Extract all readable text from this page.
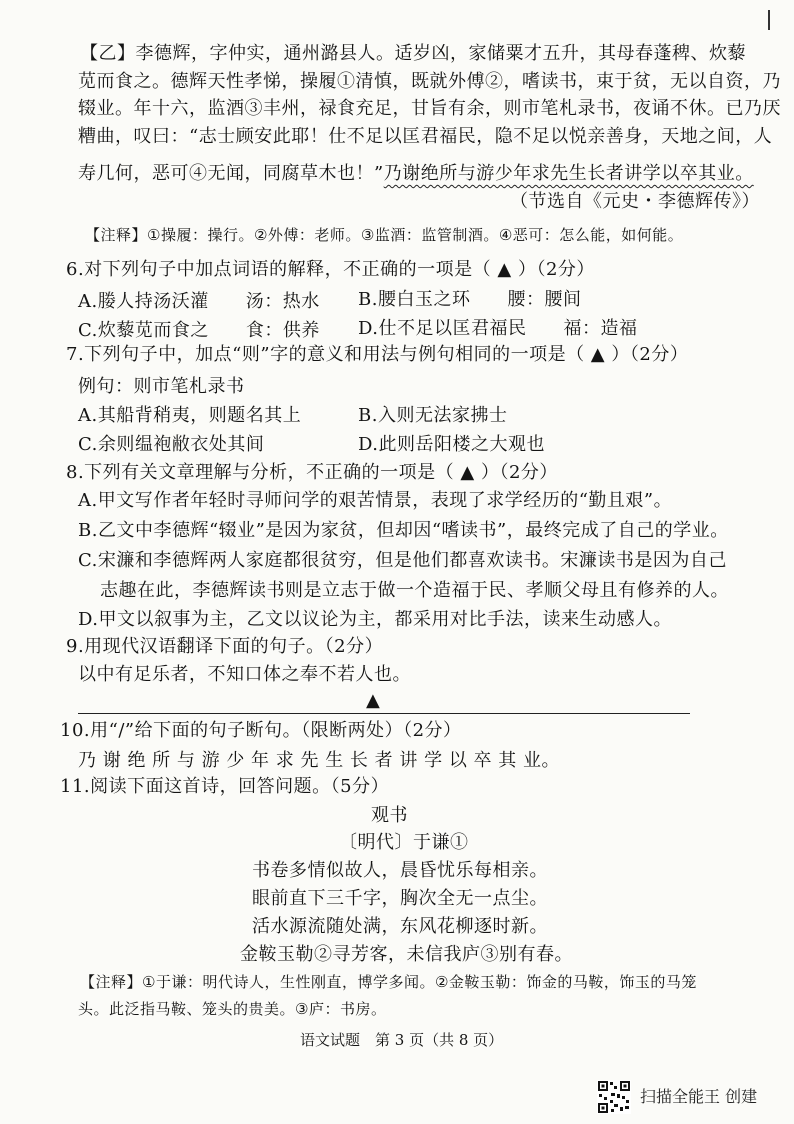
【乙】李德辉，字仲实，通州潞县人。适岁凶，家储粟才五升，其母春蓬稗、炊藜
苋而食之。德辉天性孝悌，操履①清慎，既就外傅②，嗜读书，束于贫，无以自资，乃
辍业。年十六，监酒③丰州，禄食充足，甘旨有余，则市笔札录书，夜诵不休。已乃厌
糟曲，叹曰：“志士顾安此耶！仕不足以匡君福民，隐不足以悦亲善身，天地之间，人
寿几何，恶可④无闻，同腐草木也！”乃谢绝所与游少年求先生长者讲学以卒其业。
（节选自《元史・李德辉传》）
【注释】①操履：操行。②外傅：老师。③监酒：监管制酒。④恶可：怎么能，如何能。
6.对下列句子中加点词语的解释，不正确的一项是（ ▲ ）（2分）
A.媵人持汤沃灌　　汤：热水 B.腰白玉之环　　腰：腰间
C.炊藜苋而食之　　食：供养 D.仕不足以匡君福民　　福：造福
7.下列句子中，加点“则”字的意义和用法与例句相同的一项是（ ▲ ）（2分）
例句：则市笔札录书
A.其船背稍夷，则题名其上	B.入则无法家拂士
C.余则缊袍敝衣处其间	D.此则岳阳楼之大观也
8.下列有关文章理解与分析，不正确的一项是（ ▲ ）（2分）
A.甲文写作者年轻时寻师问学的艰苦情景，表现了求学经历的“勤且艰”。
B.乙文中李德辉“辍业”是因为家贫，但却因“嗜读书”，最终完成了自己的学业。
C.宋濂和李德辉两人家庭都很贫穷，但是他们都喜欢读书。宋濂读书是因为自己
志趣在此，李德辉读书则是立志于做一个造福于民、孝顺父母且有修养的人。
D.甲文以叙事为主，乙文以议论为主，都采用对比手法，读来生动感人。
9.用现代汉语翻译下面的句子。（2分）
以中有足乐者，不知口体之奉不若人也。
▲
10.用“/”给下面的句子断句。（限断两处）（2分）
乃 谢 绝 所 与 游 少 年 求 先 生 长 者 讲 学 以 卒 其 业。
11.阅读下面这首诗，回答问题。（5分）
观书
〔明代〕于谦①
书卷多情似故人，晨昏忧乐每相亲。
眼前直下三千字，胸次全无一点尘。
活水源流随处满，东风花柳逐时新。
金鞍玉勒②寻芳客，未信我庐③别有春。
【注释】①于谦：明代诗人，生性刚直，博学多闻。②金鞍玉勒：饰金的马鞍，饰玉的马笼
头。此泛指马鞍、笼头的贵美。③庐：书房。
语文试题　第 3 页（共 8 页）
扫描全能王 创建
